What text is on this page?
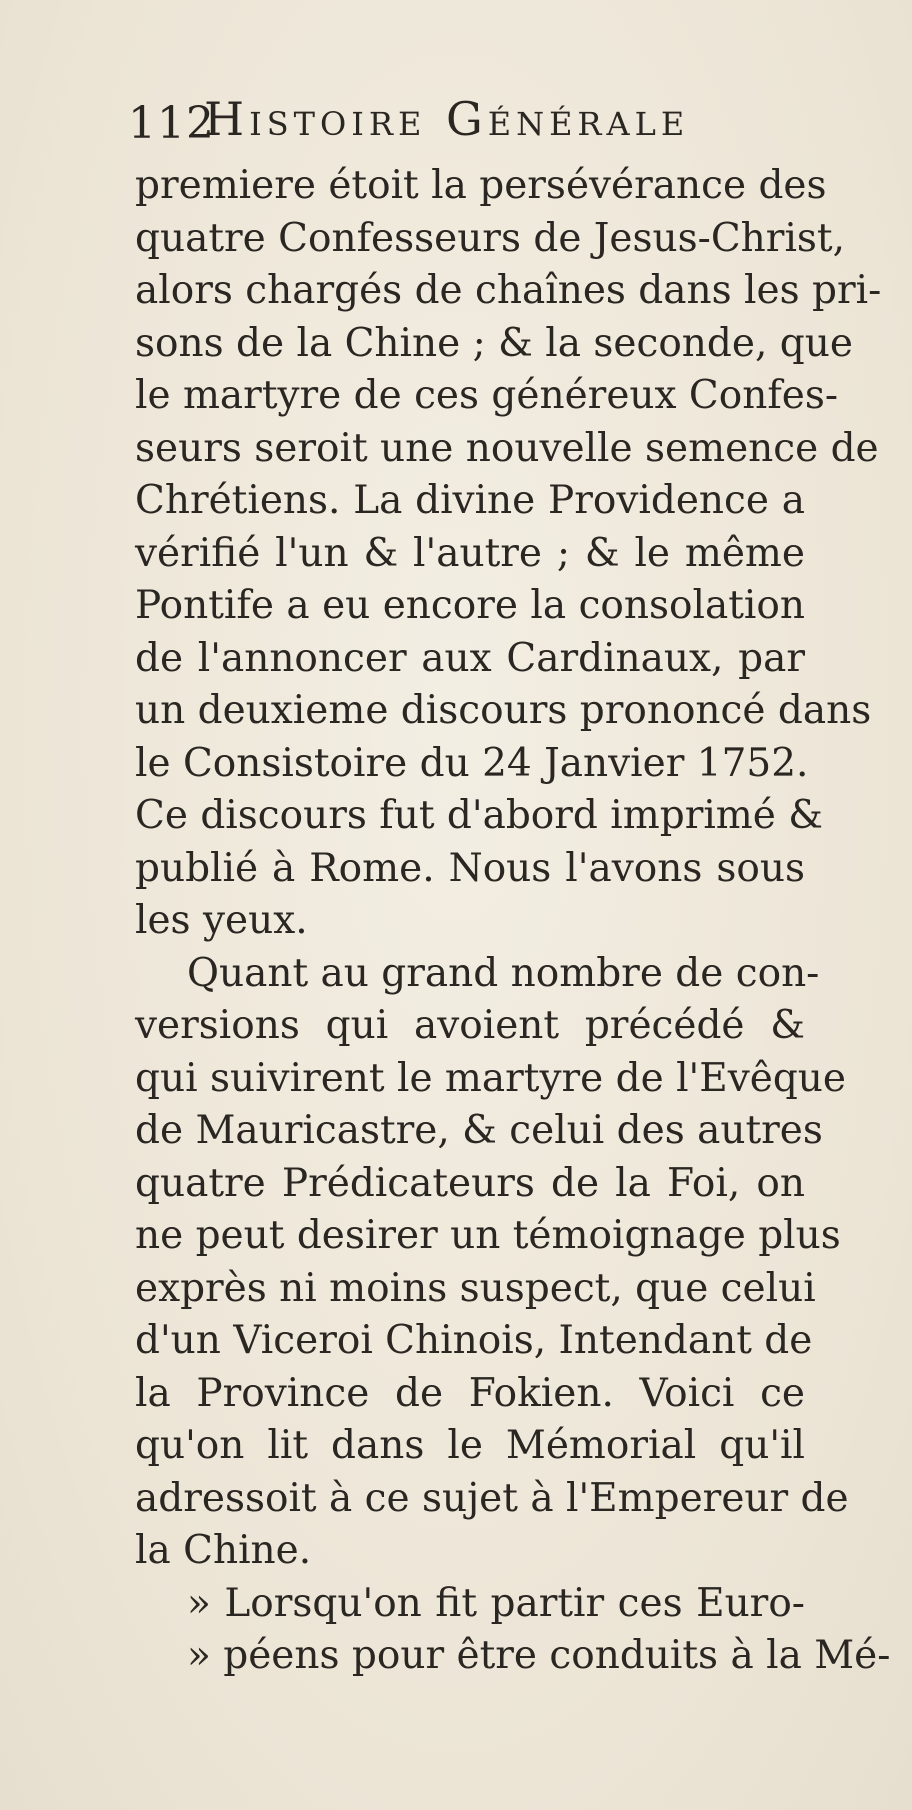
112
Histoire Générale
premiere étoit la persévérance des
quatre Confesseurs de Jesus-Christ,
alors chargés de chaînes dans les pri-
sons de la Chine ; & la seconde, que
le martyre de ces généreux Confes-
seurs seroit une nouvelle semence de
Chrétiens. La divine Providence a
vérifié l'un & l'autre ; & le même
Pontife a eu encore la consolation
de l'annoncer aux Cardinaux, par
un deuxieme discours prononcé dans
le Consistoire du 24 Janvier 1752.
Ce discours fut d'abord imprimé &
publié à Rome. Nous l'avons sous
les yeux.
Quant au grand nombre de con-
versions qui avoient précédé &
qui suivirent le martyre de l'Evêque
de Mauricastre, & celui des autres
quatre Prédicateurs de la Foi, on
ne peut desirer un témoignage plus
exprès ni moins suspect, que celui
d'un Viceroi Chinois, Intendant de
la Province de Fokien. Voici ce
qu'on lit dans le Mémorial qu'il
adressoit à ce sujet à l'Empereur de
la Chine.
» Lorsqu'on fit partir ces Euro-
» péens pour être conduits à la Mé-
